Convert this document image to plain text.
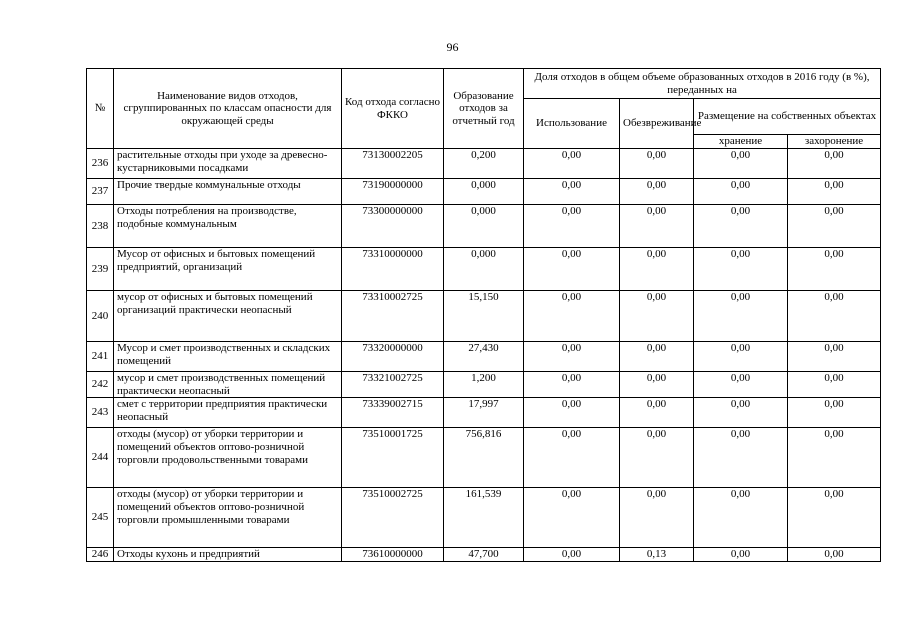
96
№	Наименование видов отходов, сгруппированных по классам опасности для окружающей среды	Код отхода согласно ФККО	Образование отходов за отчетный год	Доля отходов в общем объеме образованных отходов в 2016 году (в %), переданных на			
				Использование	Обезвреживание	Размещение на собственных объектах	
						хранение	захоронение
236	растительные отходы при уходе за древесно-кустарниковыми посадками	73130002205	0,200	0,00	0,00	0,00	0,00
237	Прочие твердые коммунальные отходы	73190000000	0,000	0,00	0,00	0,00	0,00
238	Отходы потребления на производстве, подобные коммунальным	73300000000	0,000	0,00	0,00	0,00	0,00
239	Мусор от офисных и бытовых помещений предприятий, организаций	73310000000	0,000	0,00	0,00	0,00	0,00
240	мусор от офисных и бытовых помещений организаций практически неопасный	73310002725	15,150	0,00	0,00	0,00	0,00
241	Мусор и смет производственных и складских помещений	73320000000	27,430	0,00	0,00	0,00	0,00
242	мусор и смет производственных помещений практически неопасный	73321002725	1,200	0,00	0,00	0,00	0,00
243	смет с территории предприятия практически неопасный	73339002715	17,997	0,00	0,00	0,00	0,00
244	отходы (мусор) от уборки территории и помещений объектов оптово-розничной торговли продовольственными товарами	73510001725	756,816	0,00	0,00	0,00	0,00
245	отходы (мусор) от уборки территории и помещений объектов оптово-розничной торговли промышленными товарами	73510002725	161,539	0,00	0,00	0,00	0,00
246	Отходы кухонь и предприятий	73610000000	47,700	0,00	0,13	0,00	0,00
